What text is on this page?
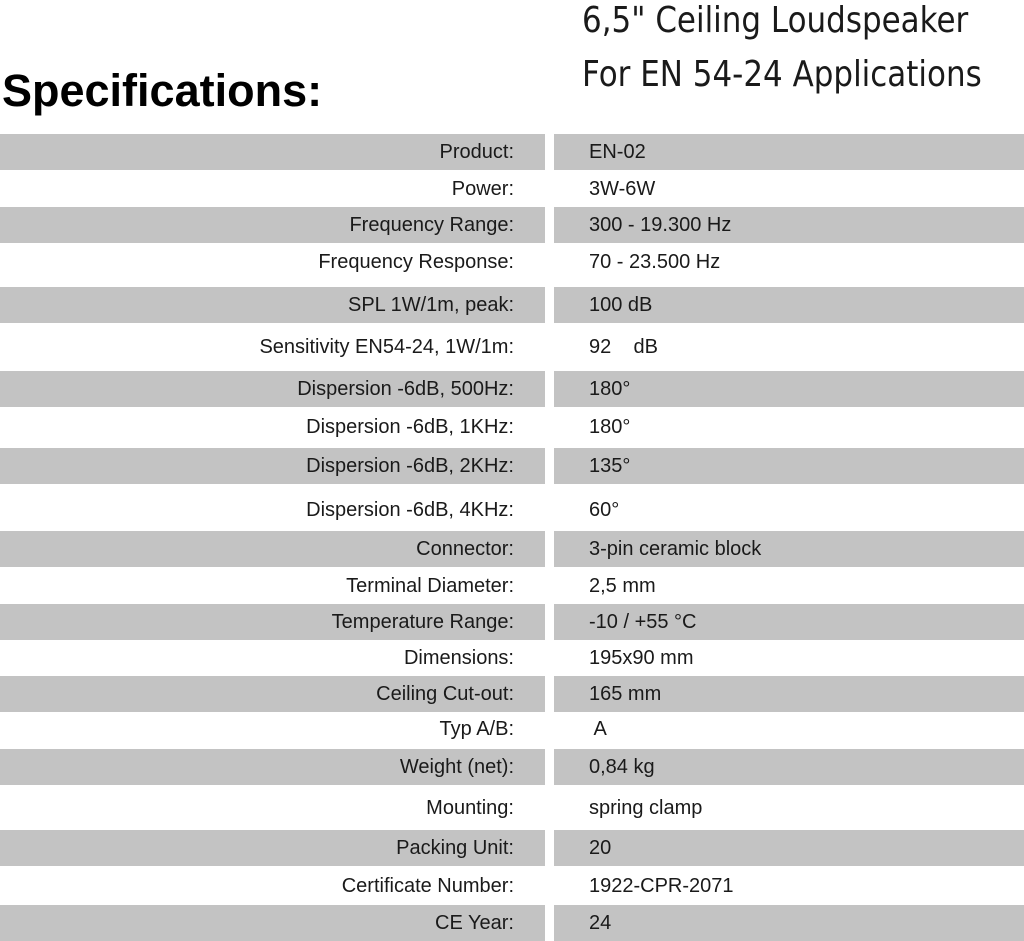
6,5" Ceiling Loudspeaker
For EN 54-24 Applications
Specifications:
Product:	EN-02
Power:	3W-6W
Frequency Range:	300 - 19.300 Hz
Frequency Response:	70 - 23.500 Hz
SPL 1W/1m, peak:	100 dB
Sensitivity EN54-24, 1W/1m:	92    dB
Dispersion -6dB, 500Hz:	180°
Dispersion -6dB, 1KHz:	180°
Dispersion -6dB, 2KHz:	135°
Dispersion -6dB, 4KHz:	60°
Connector:	3-pin ceramic block
Terminal Diameter:	2,5 mm
Temperature Range:	-10 / +55 °C
Dimensions:	195x90 mm
Ceiling Cut-out:	165 mm
Typ A/B:	A
Weight (net):	0,84 kg
Mounting:	spring clamp
Packing Unit:	20
Certificate Number:	1922-CPR-2071
CE Year:	24
